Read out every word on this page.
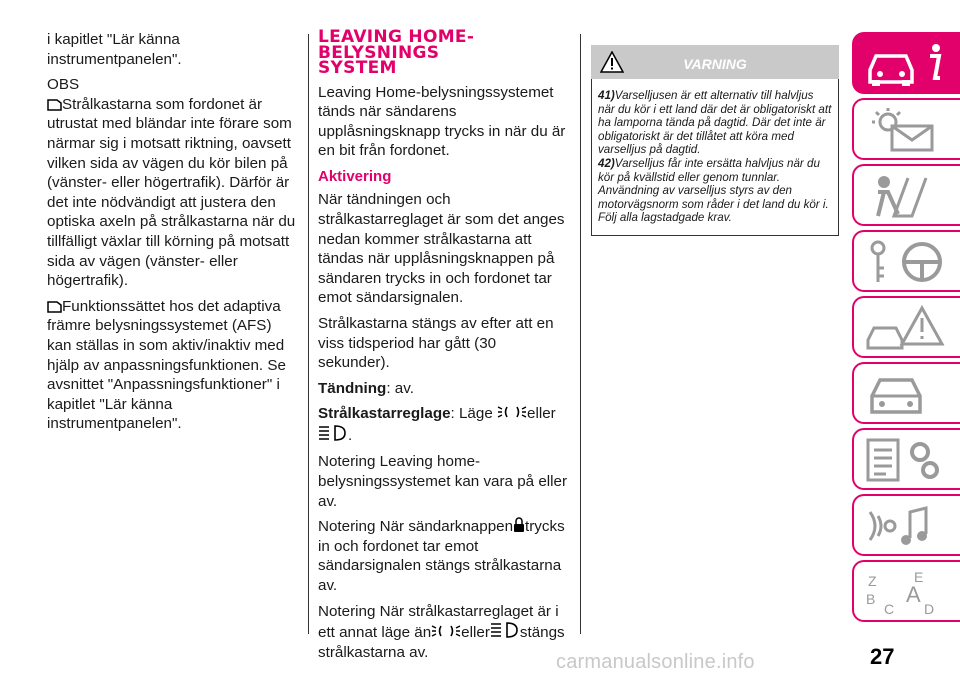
i kapitlet "Lär känna instrumentpanelen".

OBS

Strålkastarna som fordonet är utrustat med bländar inte förare som närmar sig i motsatt riktning, oavsett vilken sida av vägen du kör bilen på (vänster- eller högertrafik). Därför är det inte nödvändigt att justera den optiska axeln på strålkastarna när du tillfälligt växlar till körning på motsatt sida av vägen (vänster- eller högertrafik).

Funktionssättet hos det adaptiva främre belysningssystemet (AFS) kan ställas in som aktiv/inaktiv med hjälp av anpassningsfunktionen. Se avsnittet "Anpassningsfunktioner" i kapitlet "Lär känna instrumentpanelen".

LEAVING HOME-
BELYSNINGS
SYSTEM

Leaving Home-belysningssystemet tänds när sändarens upplåsningsknapp trycks in när du är en bit från fordonet.

Aktivering

När tändningen och strålkastarreglaget är som det anges nedan kommer strålkastarna att tändas när upplåsningsknappen på sändaren trycks in och fordonet tar emot sändarsignalen.

Strålkastarna stängs av efter att en viss tidsperiod har gått (30 sekunder).

Tändning: av.

Strålkastarreglage: Läge eller
.

Notering Leaving home-belysningssystemet kan vara på eller av.

Notering När sändarknappen trycks in och fordonet tar emot sändarsignalen stängs strålkastarna av.

Notering När strålkastarreglaget är i ett annat läge än eller stängs strålkastarna av.

VARNING
41)Varselljusen är ett alternativ till halvljus när du kör i ett land där det är obligatoriskt att ha lamporna tända på dagtid. Där det inte är obligatoriskt är det tillåtet att köra med varselljus på dagtid.
42)Varselljus får inte ersätta halvljus när du kör på kvällstid eller genom tunnlar. Användning av varselljus styrs av den motorvägsnorm som råder i det land du kör i. Följ alla lagstadgade krav.
Z	E
B A
C D
carmanualsonline.info	27
